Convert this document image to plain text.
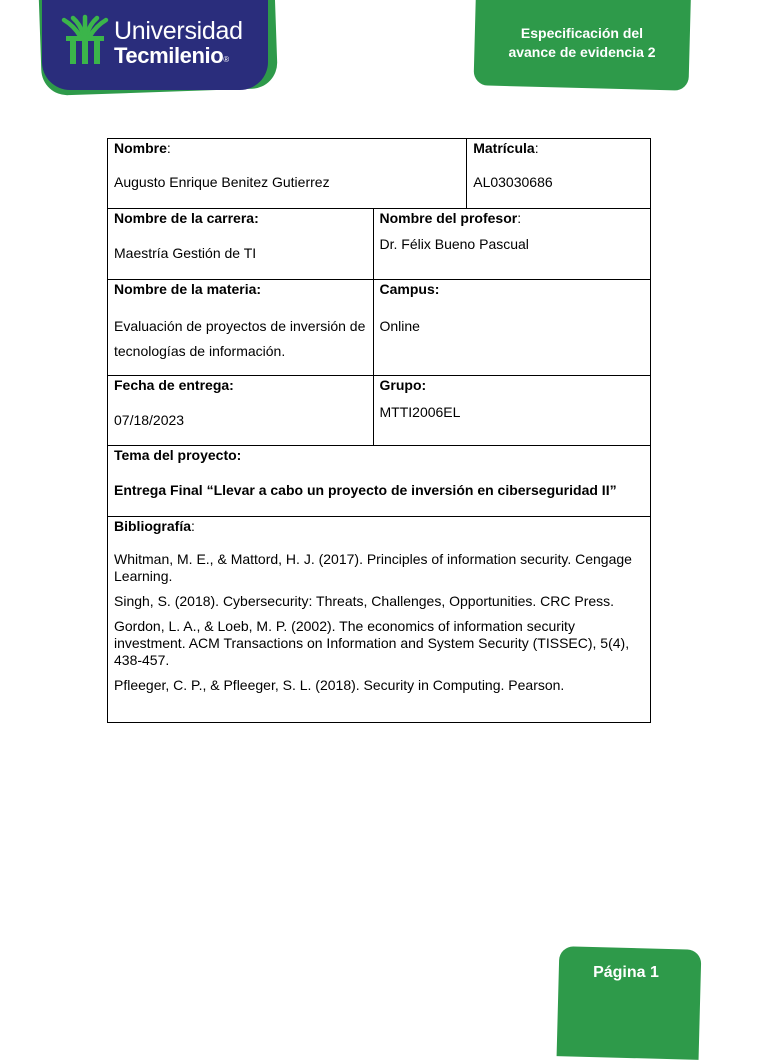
Universidad
Tecmilenio®
Especificación del
avance de evidencia 2
Nombre:
Augusto Enrique Benitez Gutierrez		Matrícula:
AL03030686

Nombre de la carrera:
Maestría Gestión de TI	Nombre del profesor:
Dr. Félix Bueno Pascual	

Nombre de la materia:
Evaluación de proyectos de inversión de
tecnologías de información.	Campus:
Online	

Fecha de entrega:
07/18/2023	Grupo:
MTTI2006EL	

Tema del proyecto:
Entrega Final “Llevar a cabo un proyecto de inversión en ciberseguridad II”		

Bibliografía:

Whitman, M. E., & Mattord, H. J. (2017). Principles of information security. Cengage Learning.

Singh, S. (2018). Cybersecurity: Threats, Challenges, Opportunities. CRC Press.

Gordon, L. A., & Loeb, M. P. (2002). The economics of information security investment. ACM Transactions on Information and System Security (TISSEC), 5(4), 438-457.

Pfleeger, C. P., & Pfleeger, S. L. (2018). Security in Computing. Pearson.		

Página 1
